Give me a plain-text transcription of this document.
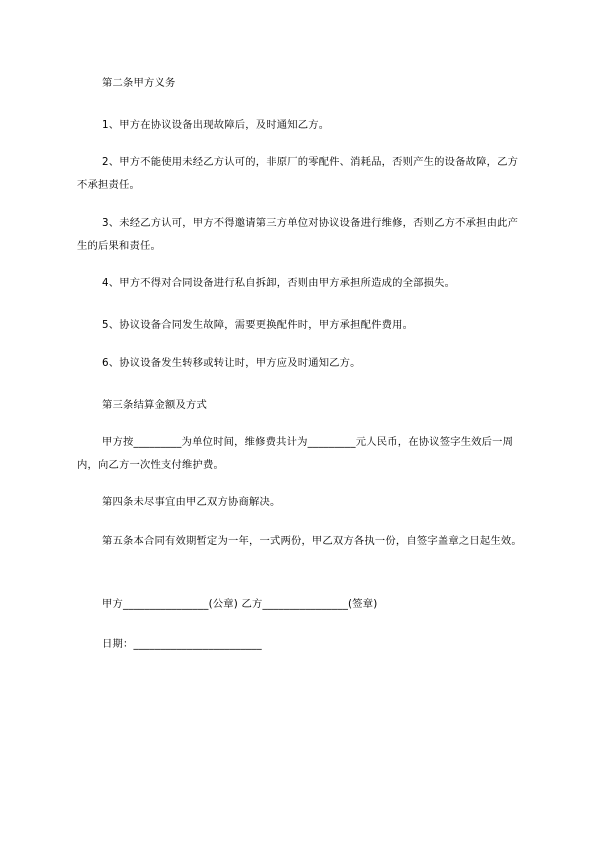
第二条甲方义务

1、甲方在协议设备出现故障后，及时通知乙方。

2、甲方不能使用未经乙方认可的，非原厂的零配件、消耗品，否则产生的设备故障，乙方不承担责任。

3、未经乙方认可，甲方不得邀请第三方单位对协议设备进行维修，否则乙方不承担由此产生的后果和责任。

4、甲方不得对合同设备进行私自拆卸，否则由甲方承担所造成的全部损失。

5、协议设备合同发生故障，需要更换配件时，甲方承担配件费用。

6、协议设备发生转移或转让时，甲方应及时通知乙方。

第三条结算金额及方式

甲方按_________为单位时间，维修费共计为_________元人民币，在协议签字生效后一周内，向乙方一次性支付维护费。

第四条未尽事宜由甲乙双方协商解决。

第五条本合同有效期暂定为一年，一式两份，甲乙双方各执一份，自签字盖章之日起生效。

甲方________________(公章) 乙方________________(签章)

日期：________________________
